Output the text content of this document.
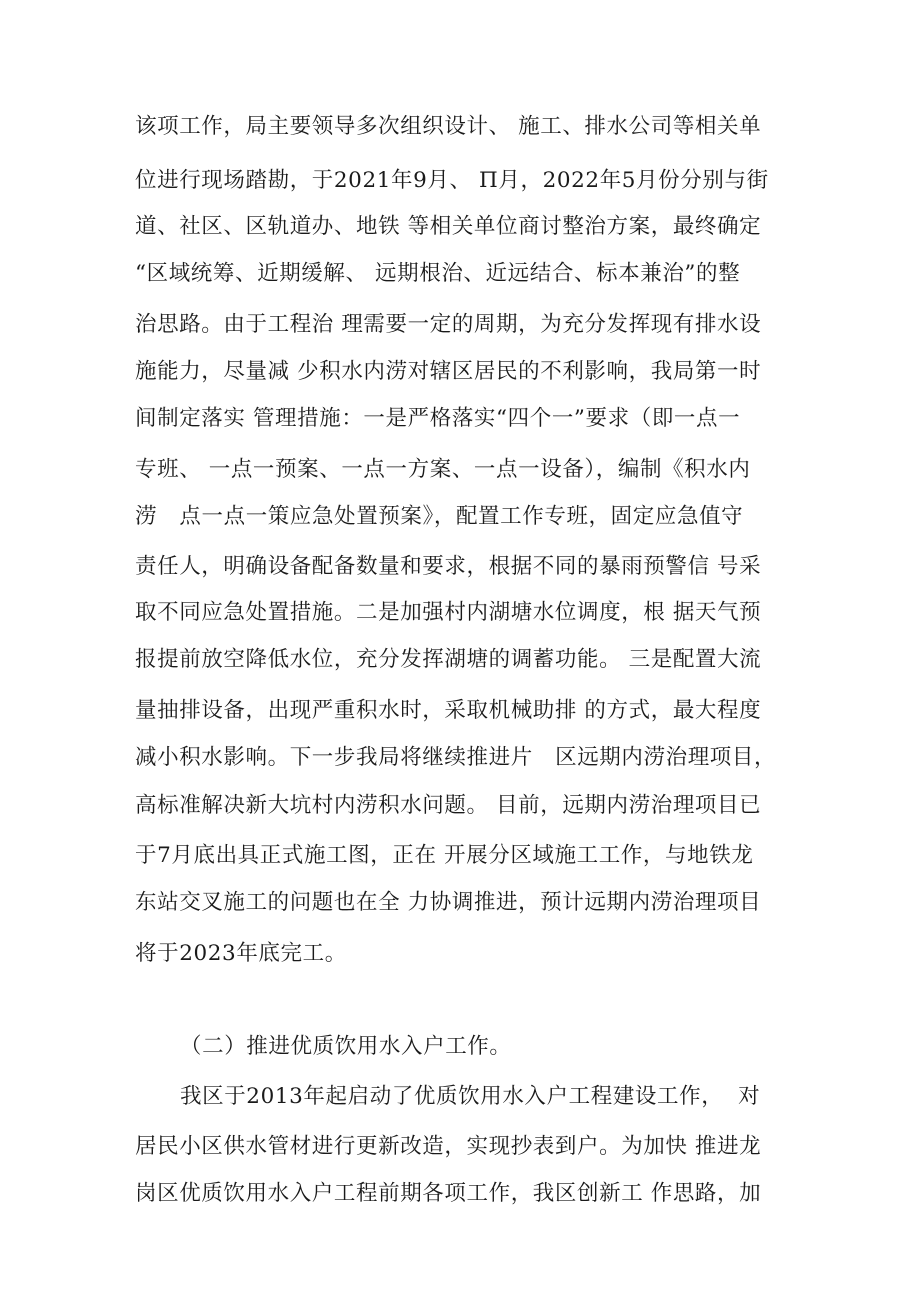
该项工作，局主要领导多次组织设计、 施工、排水公司等相关单
位进行现场踏勘，于2021年9月、 Π月，2022年5月份分别与街
道、社区、区轨道办、地铁 等相关单位商讨整治方案，最终确定
“区域统筹、近期缓解、 远期根治、近远结合、标本兼治”的整
治思路。由于工程治 理需要一定的周期，为充分发挥现有排水设
施能力，尽量减 少积水内涝对辖区居民的不利影响，我局第一时
间制定落实 管理措施：一是严格落实“四个一”要求（即一点一
专班、 一点一预案、一点一方案、一点一设备），编制《积水内
涝   点一点一策应急处置预案》，配置工作专班，固定应急值守
责任人，明确设备配备数量和要求，根据不同的暴雨预警信 号采
取不同应急处置措施。二是加强村内湖塘水位调度，根 据天气预
报提前放空降低水位，充分发挥湖塘的调蓄功能。 三是配置大流
量抽排设备，出现严重积水时，采取机械助排 的方式，最大程度
减小积水影响。下一步我局将继续推进片   区远期内涝治理项目，
高标准解决新大坑村内涝积水问题。 目前，远期内涝治理项目已
于7月底出具正式施工图，正在 开展分区域施工工作，与地铁龙
东站交叉施工的问题也在全 力协调推进，预计远期内涝治理项目
将于2023年底完工。
（二）推进优质饮用水入户工作。
我区于2013年起启动了优质饮用水入户工程建设工作，  对
居民小区供水管材进行更新改造，实现抄表到户。为加快 推进龙
岗区优质饮用水入户工程前期各项工作，我区创新工 作思路，加
